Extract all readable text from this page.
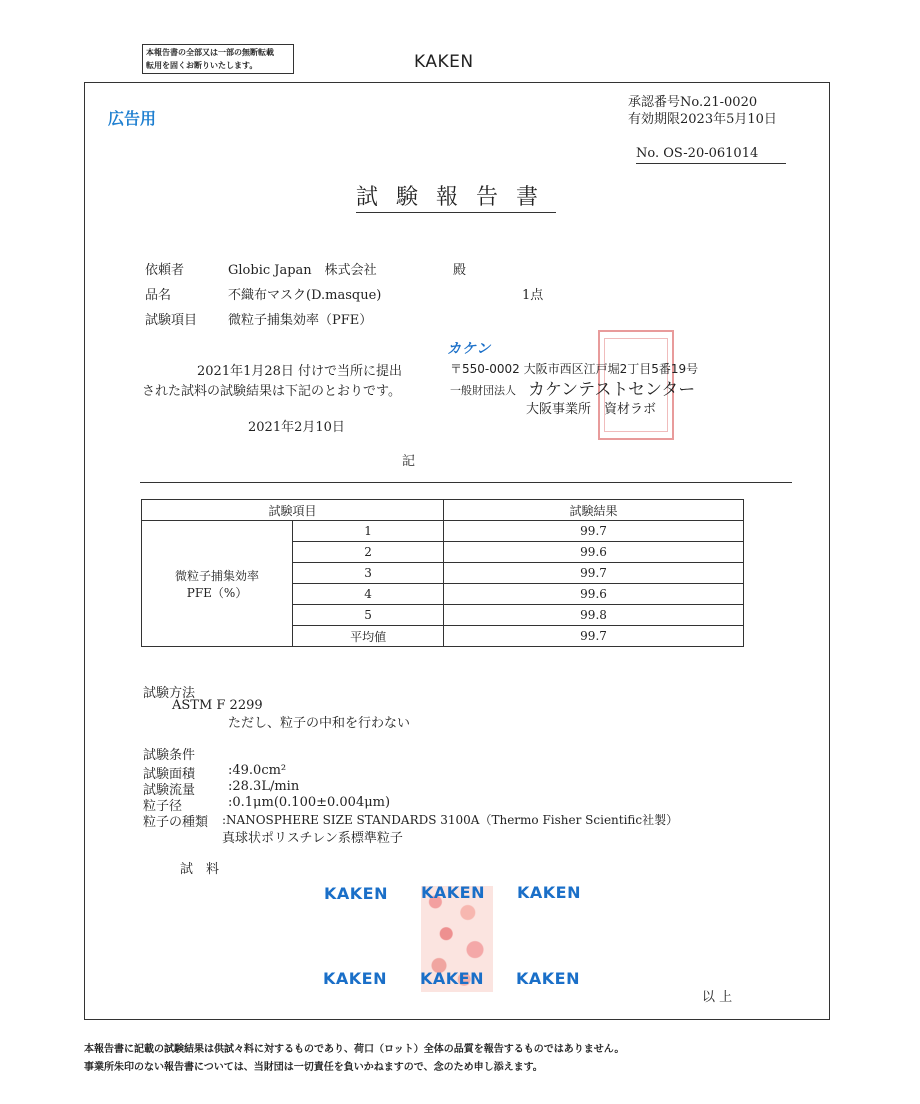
本報告書の全部又は一部の無断転載
転用を固くお断りいたします。	KAKEN
広告用
承認番号No.21-0020
有効期限2023年5月10日
No. OS-20-061014
試験報告書
依頼者	Globic Japan　株式会社	殿
品名	不織布マスク(D.masque)	1点
試験項目 微粒子捕集効率（PFE）
2021年1月28日 付けで当所に提出
された試料の試験結果は下記のとおりです。
2021年2月10日
記
カケン
〒550-0002 大阪市西区江戸堀2丁目5番19号
一般財団法人 カケンテストセンター
大阪事業所　資材ラボ
試験項目		試験結果

微粒子捕集効率
PFE（%）	1	99.7
	2	99.6
	3	99.7
	4	99.6
	5	99.8
	平均値	99.7
試験方法
ASTM F 2299
ただし、粒子の中和を行わない
試験条件
試験面積	:49.0cm²
試験流量	:28.3L/min
粒子径	:0.1μm(0.100±0.004μm)
粒子の種類 :NANOSPHERE SIZE STANDARDS 3100A（Thermo Fisher Scientific社製）
真球状ポリスチレン系標準粒子
試　料
KAKEN KAKEN KAKEN
KAKEN KAKEN KAKEN
以 上
本報告書に記載の試験結果は供試々料に対するものであり、荷口（ロット）全体の品質を報告するものではありません。
事業所朱印のない報告書については、当財団は一切責任を負いかねますので、念のため申し添えます。
